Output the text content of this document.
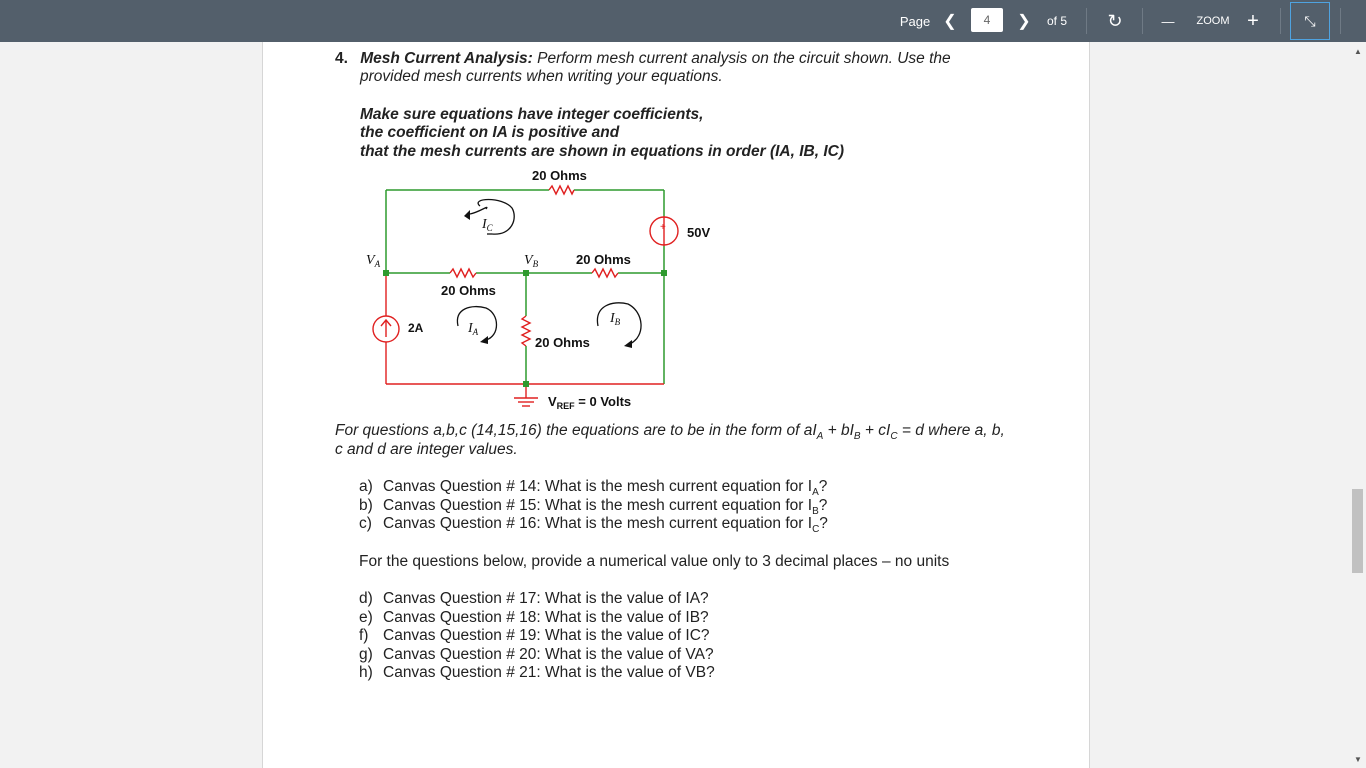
Page ❮	4	❯	of 5	↻	—	ZOOM +	⤡
4. Mesh Current Analysis: Perform mesh current analysis on the circuit shown. Use the
provided mesh currents when writing your equations.
Make sure equations have integer coefficients,
the coefficient on IA is positive and
that the mesh currents are shown in equations in order (IA, IB, IC)
+
20 Ohms
20 Ohms
20 Ohms
20 Ohms
50V
2A
$V_A$	$V_B$
$I_C$
$I_A$
$I_B$
$V_{REF} = 0$ Volts
For questions a,b,c (14,15,16) the equations are to be in the form of $aI_A + bI_B + cI_C = d$ where a, b,
c and d are integer values.
a) Canvas Question # 14: What is the mesh current equation for $I_A$?
b) Canvas Question # 15: What is the mesh current equation for $I_B$?
c) Canvas Question # 16: What is the mesh current equation for $I_C$?
For the questions below, provide a numerical value only to 3 decimal places – no units
d) Canvas Question # 17: What is the value of IA?
e) Canvas Question # 18: What is the value of IB?
f) Canvas Question # 19: What is the value of IC?
g) Canvas Question # 20: What is the value of VA?
h) Canvas Question # 21: What is the value of VB?
▲
▼
